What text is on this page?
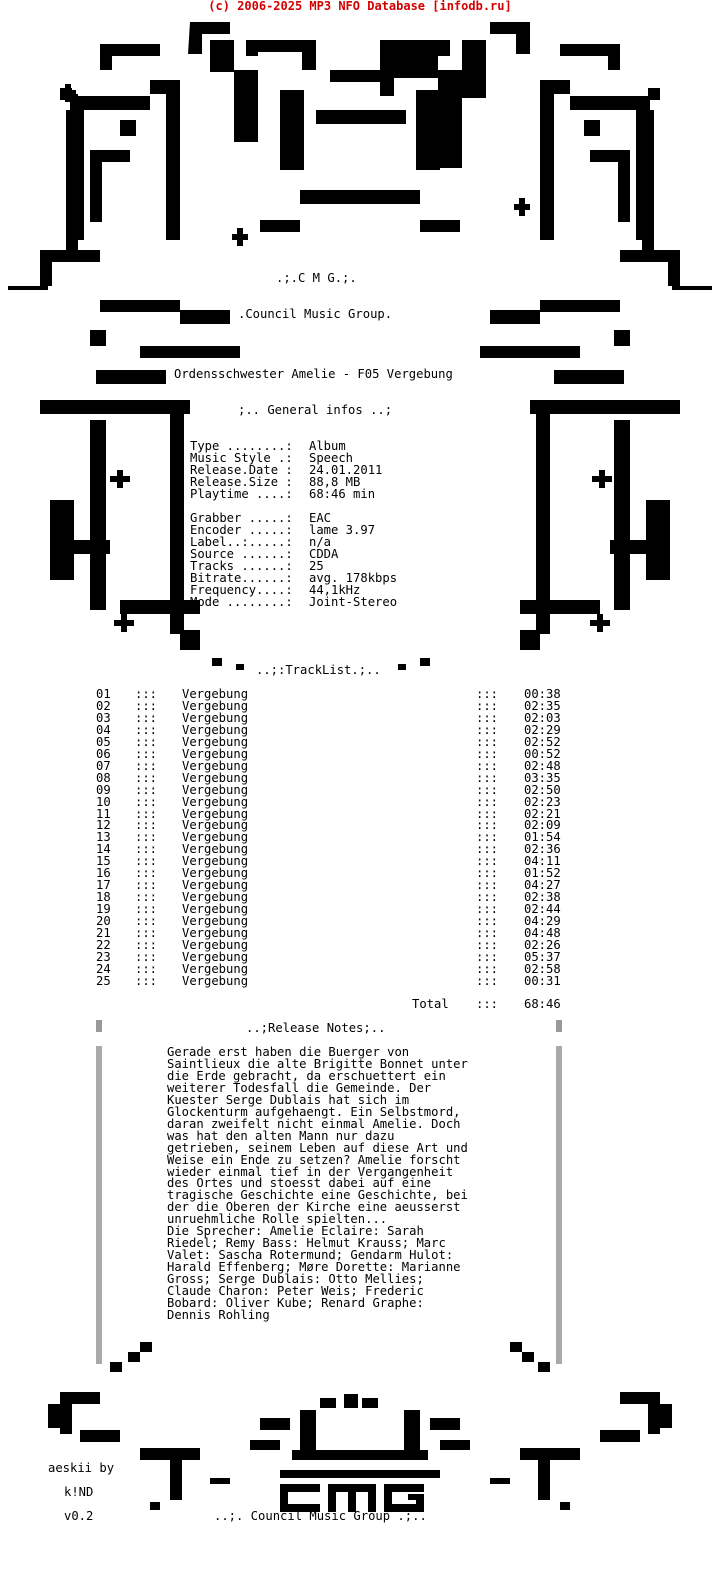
(c) 2006-2025 MP3 NFO Database [infodb.ru]
.;.C M G.;.
.Council Music Group.
Ordensschwester Amelie - F05 Vergebung
;.. General infos ..;
Type ........: Album
Music Style .: Speech
Release.Date : 24.01.2011
Release.Size : 88,8 MB
Playtime ....: 68:46 min
Grabber .....: EAC
Encoder .....: lame 3.97
Label..:.....: n/a
Source ......: CDDA
Tracks ......: 25
Bitrate......: avg. 178kbps
Frequency....: 44,1kHz
Mode ........: Joint-Stereo
..;:TrackList.;..
01 ::: Vergebung	::: 00:38
02 ::: Vergebung	::: 02:35
03 ::: Vergebung	::: 02:03
04 ::: Vergebung	::: 02:29
05 ::: Vergebung	::: 02:52
06 ::: Vergebung	::: 00:52
07 ::: Vergebung	::: 02:48
08 ::: Vergebung	::: 03:35
09 ::: Vergebung	::: 02:50
10 ::: Vergebung	::: 02:23
11 ::: Vergebung	::: 02:21
12 ::: Vergebung	::: 02:09
13 ::: Vergebung	::: 01:54
14 ::: Vergebung	::: 02:36
15 ::: Vergebung	::: 04:11
16 ::: Vergebung	::: 01:52
17 ::: Vergebung	::: 04:27
18 ::: Vergebung	::: 02:38
19 ::: Vergebung	::: 02:44
20 ::: Vergebung	::: 04:29
21 ::: Vergebung	::: 04:48
22 ::: Vergebung	::: 02:26
23 ::: Vergebung	::: 05:37
24 ::: Vergebung	::: 02:58
25 ::: Vergebung	::: 00:31
Total ::: 68:46
..;Release Notes;..
Gerade erst haben die Buerger von
Saintlieux die alte Brigitte Bonnet unter
die Erde gebracht, da erschuettert ein
weiterer Todesfall die Gemeinde. Der
Kuester Serge Dublais hat sich im
Glockenturm aufgehaengt. Ein Selbstmord,
daran zweifelt nicht einmal Amelie. Doch
was hat den alten Mann nur dazu
getrieben, seinem Leben auf diese Art und
Weise ein Ende zu setzen? Amelie forscht
wieder einmal tief in der Vergangenheit
des Ortes und stoesst dabei auf eine
tragische Geschichte eine Geschichte, bei
der die Oberen der Kirche eine aeusserst
unruehmliche Rolle spielten...
Die Sprecher: Amelie Eclaire: Sarah
Riedel; Remy Bass: Helmut Krauss; Marc
Valet: Sascha Rotermund; Gendarm Hulot:
Harald Effenberg; Møre Dorette: Marianne
Gross; Serge Dublais: Otto Mellies;
Claude Charon: Peter Weis; Frederic
Bobard: Oliver Kube; Renard Graphe:
Dennis Rohling
aeskii by
k!ND
v0.2	..;. Council Music Group .;..
